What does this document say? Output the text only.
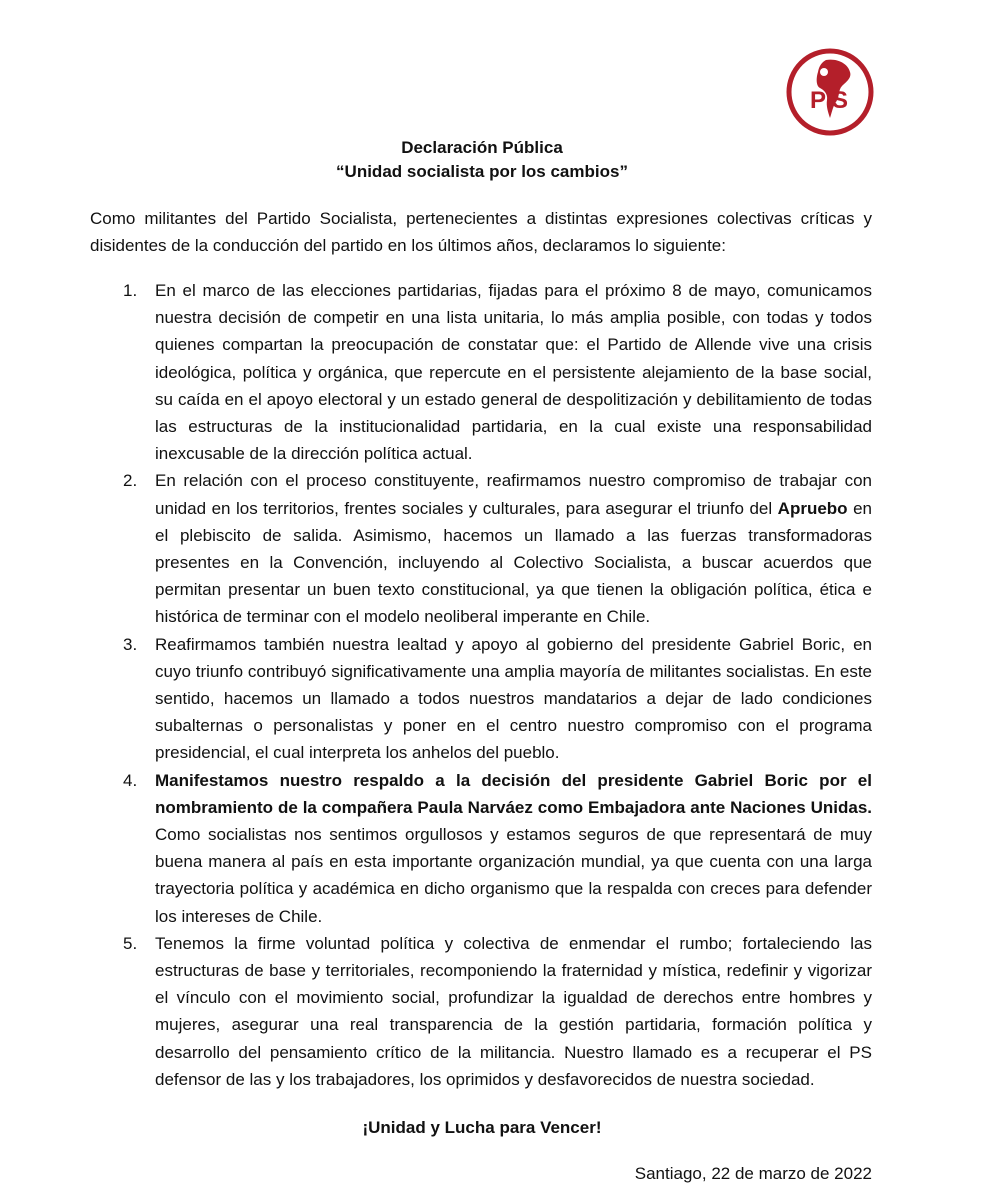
P S
Declaración Pública
“Unidad socialista por los cambios”

Como militantes del Partido Socialista, pertenecientes a distintas expresiones colectivas críticas y disidentes de la conducción del partido en los últimos años, declaramos lo siguiente:

1. En el marco de las elecciones partidarias, fijadas para el próximo 8 de mayo, comunicamos nuestra decisión de competir en una lista unitaria, lo más amplia posible, con todas y todos quienes compartan la preocupación de constatar que: el Partido de Allende vive una crisis ideológica, política y orgánica, que repercute en el persistente alejamiento de la base social, su caída en el apoyo electoral y un estado general de despolitización y debilitamiento de todas las estructuras de la institucionalidad partidaria, en la cual existe una responsabilidad inexcusable de la dirección política actual.
2. En relación con el proceso constituyente, reafirmamos nuestro compromiso de trabajar con unidad en los territorios, frentes sociales y culturales, para asegurar el triunfo del Apruebo en el plebiscito de salida. Asimismo, hacemos un llamado a las fuerzas transformadoras presentes en la Convención, incluyendo al Colectivo Socialista, a buscar acuerdos que permitan presentar un buen texto constitucional, ya que tienen la obligación política, ética e histórica de terminar con el modelo neoliberal imperante en Chile.
3. Reafirmamos también nuestra lealtad y apoyo al gobierno del presidente Gabriel Boric, en cuyo triunfo contribuyó significativamente una amplia mayoría de militantes socialistas. En este sentido, hacemos un llamado a todos nuestros mandatarios a dejar de lado condiciones subalternas o personalistas y poner en el centro nuestro compromiso con el programa presidencial, el cual interpreta los anhelos del pueblo.
4. Manifestamos nuestro respaldo a la decisión del presidente Gabriel Boric por el nombramiento de la compañera Paula Narváez como Embajadora ante Naciones Unidas. Como socialistas nos sentimos orgullosos y estamos seguros de que representará de muy buena manera al país en esta importante organización mundial, ya que cuenta con una larga trayectoria política y académica en dicho organismo que la respalda con creces para defender los intereses de Chile.
5. Tenemos la firme voluntad política y colectiva de enmendar el rumbo; fortaleciendo las estructuras de base y territoriales, recomponiendo la fraternidad y mística, redefinir y vigorizar el vínculo con el movimiento social, profundizar la igualdad de derechos entre hombres y mujeres, asegurar una real transparencia de la gestión partidaria, formación política y desarrollo del pensamiento crítico de la militancia. Nuestro llamado es a recuperar el PS defensor de las y los trabajadores, los oprimidos y desfavorecidos de nuestra sociedad.
¡Unidad y Lucha para Vencer!
Santiago, 22 de marzo de 2022
